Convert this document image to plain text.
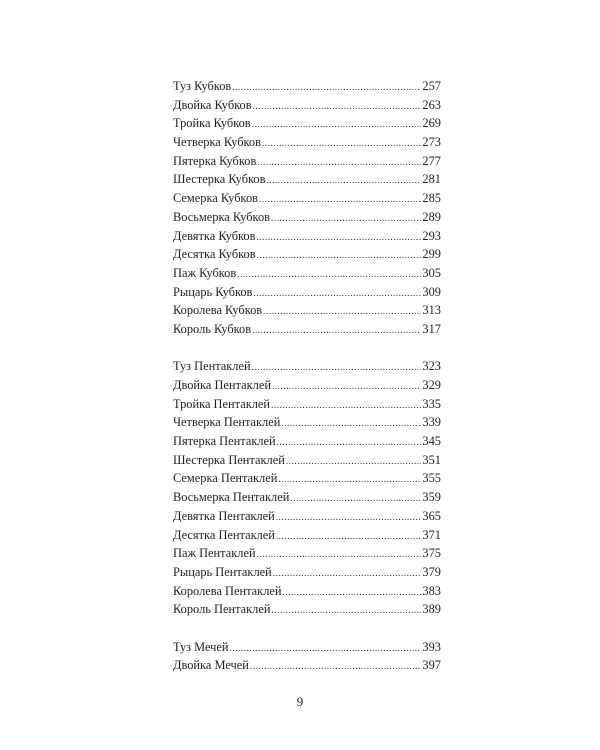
Туз Кубков .....	257
Двойка Кубков .....	263
Тройка Кубков .....	269
Четверка Кубков .....	273
Пятерка Кубков .....	277
Шестерка Кубков .....	281
Семерка Кубков .....	285
Восьмерка Кубков .....	289
Девятка Кубков .....	293
Десятка Кубков .....	299
Паж Кубков .....	305
Рыцарь Кубков .....	309
Королева Кубков .....	313
Король Кубков .....	317
Туз Пентаклей .....	323
Двойка Пентаклей .....	329
Тройка Пентаклей .....	335
Четверка Пентаклей .....	339
Пятерка Пентаклей .....	345
Шестерка Пентаклей .....	351
Семерка Пентаклей .....	355
Восьмерка Пентаклей .....	359
Девятка Пентаклей .....	365
Десятка Пентаклей .....	371
Паж Пентаклей .....	375
Рыцарь Пентаклей .....	379
Королева Пентаклей .....	383
Король Пентаклей .....	389
Туз Мечей .....	393
Двойка Мечей .....	397
9
